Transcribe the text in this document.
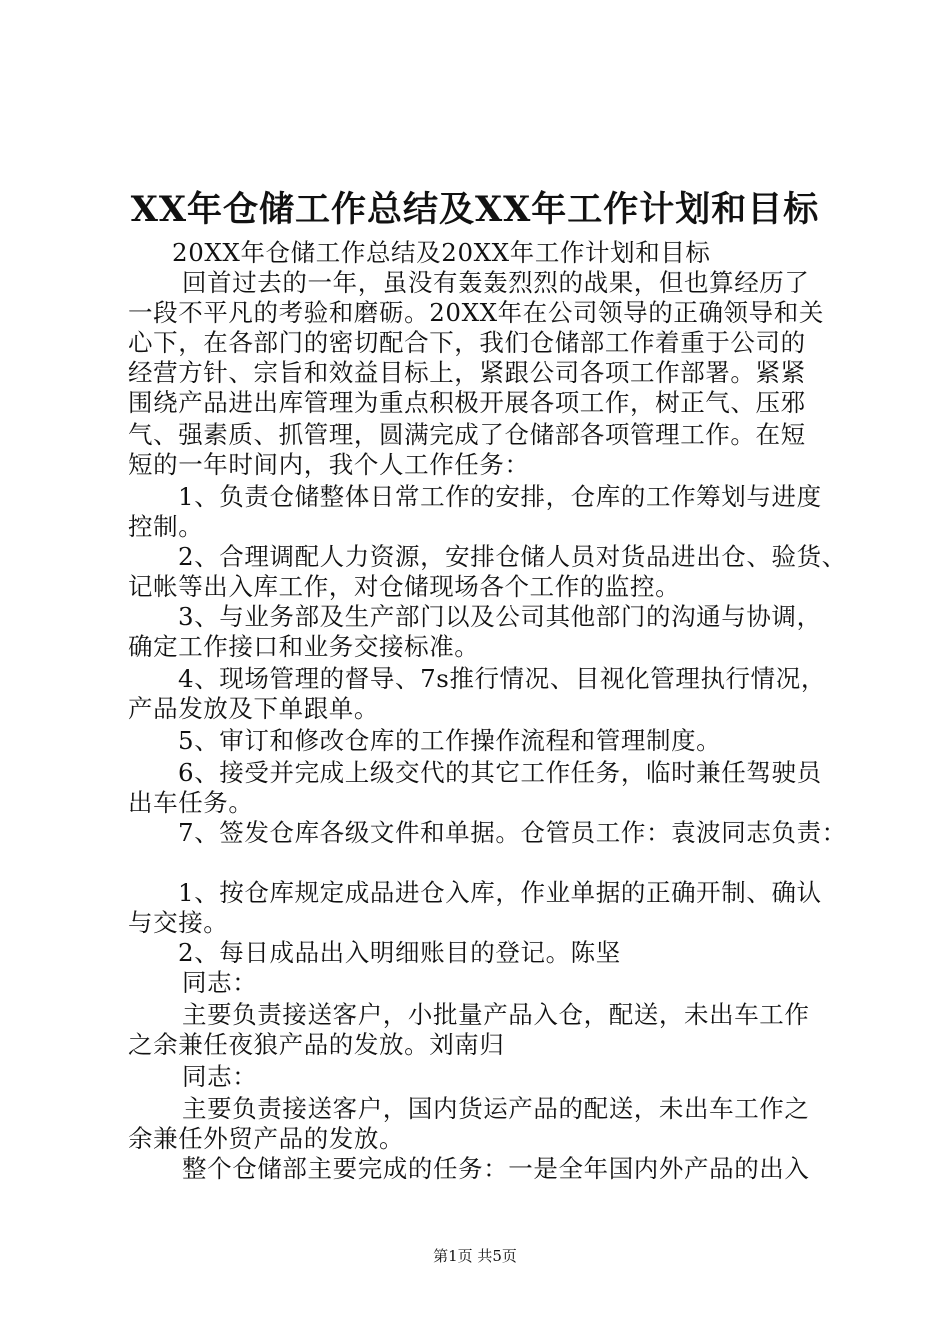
XX年仓储工作总结及XX年工作计划和目标
20XX年仓储工作总结及20XX年工作计划和目标
回首过去的一年，虽没有轰轰烈烈的战果，但也算经历了
一段不平凡的考验和磨砺。20XX年在公司领导的正确领导和关
心下，在各部门的密切配合下，我们仓储部工作着重于公司的
经营方针、宗旨和效益目标上，紧跟公司各项工作部署。紧紧
围绕产品进出库管理为重点积极开展各项工作，树正气、压邪
气、强素质、抓管理，圆满完成了仓储部各项管理工作。在短
短的一年时间内，我个人工作任务：
1、负责仓储整体日常工作的安排，仓库的工作筹划与进度
控制。
2、合理调配人力资源，安排仓储人员对货品进出仓、验货、
记帐等出入库工作，对仓储现场各个工作的监控。
3、与业务部及生产部门以及公司其他部门的沟通与协调，
确定工作接口和业务交接标准。
4、现场管理的督导、7s推行情况、目视化管理执行情况，
产品发放及下单跟单。
5、审订和修改仓库的工作操作流程和管理制度。
6、接受并完成上级交代的其它工作任务，临时兼任驾驶员
出车任务。
7、签发仓库各级文件和单据。仓管员工作：袁波同志负责：
1、按仓库规定成品进仓入库，作业单据的正确开制、确认
与交接。
2、每日成品出入明细账目的登记。陈坚
同志：
主要负责接送客户，小批量产品入仓，配送，未出车工作
之余兼任夜狼产品的发放。刘南归
同志：
主要负责接送客户，国内货运产品的配送，未出车工作之
余兼任外贸产品的发放。
整个仓储部主要完成的任务：一是全年国内外产品的出入
第1页 共5页
